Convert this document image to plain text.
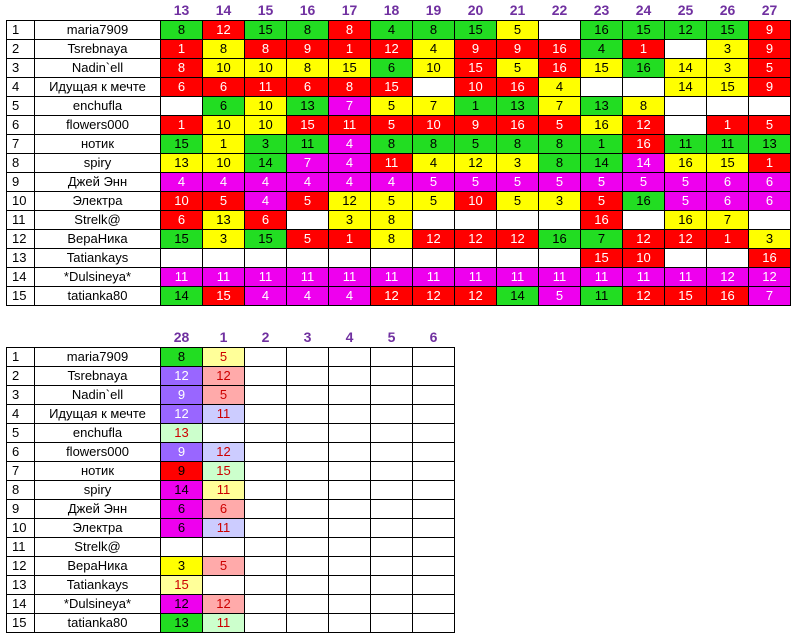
		13	14	15	16	17	18	19	20	21	22	23	24	25	26	27
1	maria7909	8	12	15	8	8	4	8	15	5		16	15	12	15	9
2	Tsrebnaya	1	8	8	9	1	12	4	9	9	16	4	1		3	9
3	Nadin`ell	8	10	10	8	15	6	10	15	5	16	15	16	14	3	5
4	Идущая к мечте	6	6	11	6	8	15		10	16	4			14	15	9
5	enchufla		6	10	13	7	5	7	1	13	7	13	8			
6	flowers000	1	10	10	15	11	5	10	9	16	5	16	12		1	5
7	нотик	15	1	3	11	4	8	8	5	8	8	1	16	11	11	13
8	spiry	13	10	14	7	4	11	4	12	3	8	14	14	16	15	1
9	Джей Энн	4	4	4	4	4	4	5	5	5	5	5	5	5	6	6
10	Электра	10	5	4	5	12	5	5	10	5	3	5	16	5	6	6
11	Strelk@	6	13	6		3	8					16		16	7	
12	ВераНика	15	3	15	5	1	8	12	12	12	16	7	12	12	1	3
13	Tatiankays											15	10			16
14	*Dulsineya*	11	11	11	11	11	11	11	11	11	11	11	11	11	12	12
15	tatianka80	14	15	4	4	4	12	12	12	14	5	11	12	15	16	7
		28	1	2	3	4	5	6
1	maria7909	8	5					
2	Tsrebnaya	12	12					
3	Nadin`ell	9	5					
4	Идущая к мечте	12	11					
5	enchufla	13						
6	flowers000	9	12					
7	нотик	9	15					
8	spiry	14	11					
9	Джей Энн	6	6					
10	Электра	6	11					
11	Strelk@							
12	ВераНика	3	5					
13	Tatiankays	15						
14	*Dulsineya*	12	12					
15	tatianka80	13	11					
